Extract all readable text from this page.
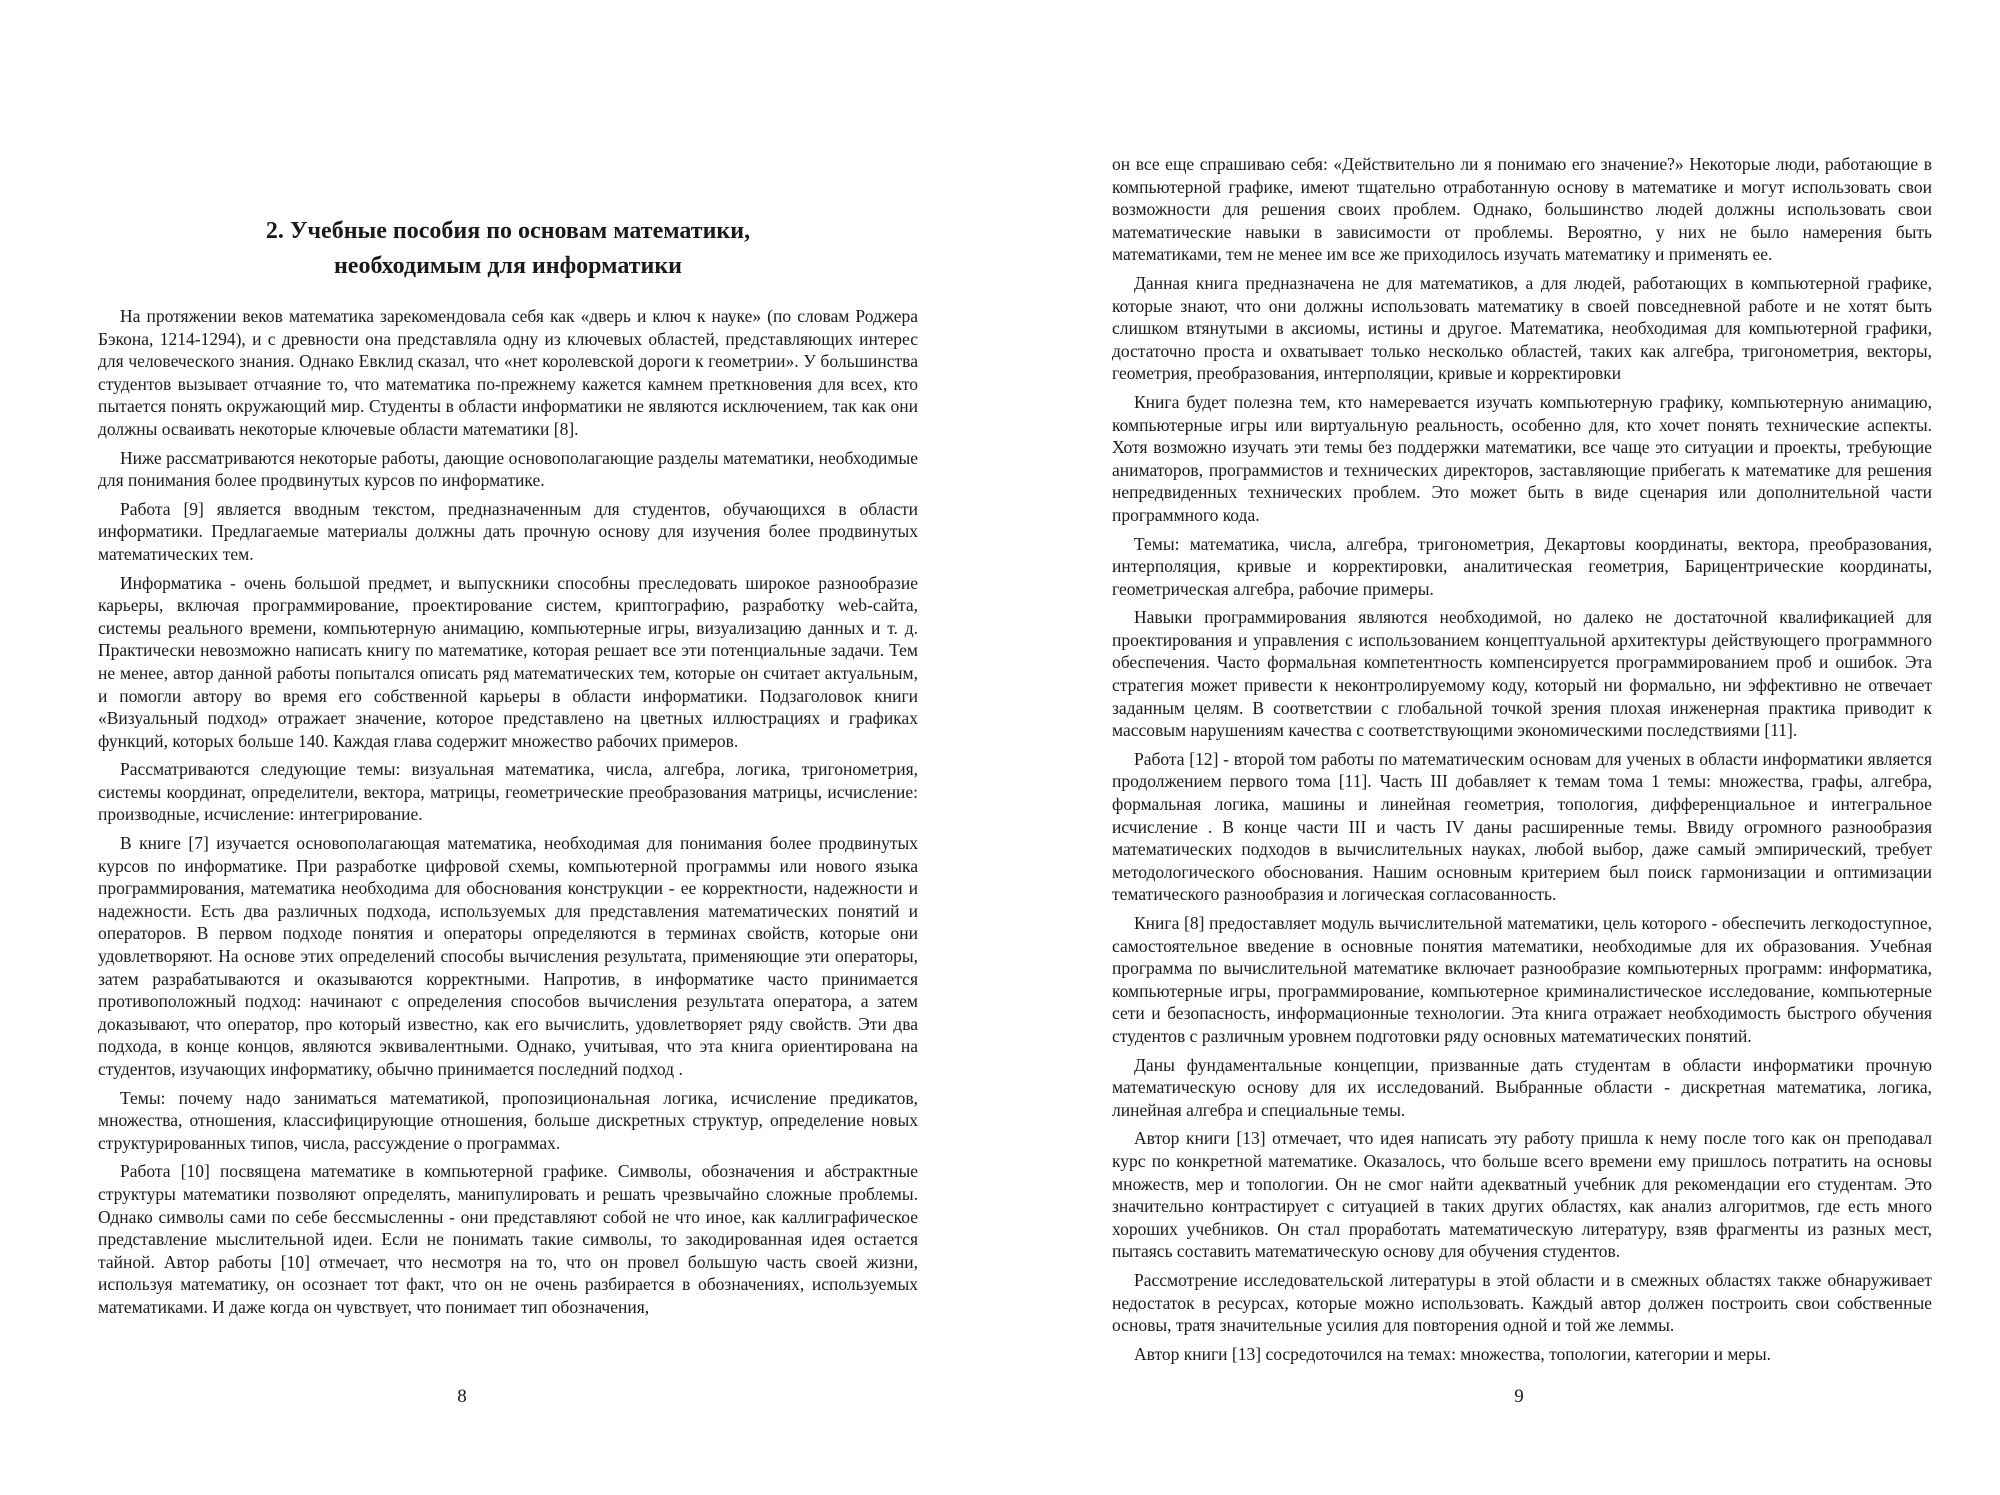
2. Учебные пособия по основам математики,
необходимым для информатики

На протяжении веков математика зарекомендовала себя как «дверь и ключ к науке» (по словам Роджера Бэкона, 1214-1294), и с древности она представляла одну из ключевых областей, представляющих интерес для человеческого знания. Однако Евклид сказал, что «нет королевской дороги к геометрии». У большинства студентов вызывает отчаяние то, что математика по-прежнему кажется камнем преткновения для всех, кто пытается понять окружающий мир. Студенты в области информатики не являются исключением, так как они должны осваивать некоторые ключевые области математики [8].

Ниже рассматриваются некоторые работы, дающие основополагающие разделы математики, необходимые для понимания более продвинутых курсов по информатике.

Работа [9] является вводным текстом, предназначенным для студентов, обучающихся в области информатики. Предлагаемые материалы должны дать прочную основу для изучения более продвинутых математических тем.

Информатика - очень большой предмет, и выпускники способны преследовать широкое разнообразие карьеры, включая программирование, проектирование систем, криптографию, разработку web-сайта, системы реального времени, компьютерную анимацию, компьютерные игры, визуализацию данных и т. д. Практически невозможно написать книгу по математике, которая решает все эти потенциальные задачи. Тем не менее, автор данной работы попытался описать ряд математических тем, которые он считает актуальным, и помогли автору во время его собственной карьеры в области информатики. Подзаголовок книги «Визуальный подход» отражает значение, которое представлено на цветных иллюстрациях и графиках функций, которых больше 140. Каждая глава содержит множество рабочих примеров.

Рассматриваются следующие темы: визуальная математика, числа, алгебра, логика, тригонометрия, системы координат, определители, вектора, матрицы, геометрические преобразования матрицы, исчисление: производные, исчисление: интегрирование.

В книге [7] изучается основополагающая математика, необходимая для понимания более продвинутых курсов по информатике. При разработке цифровой схемы, компьютерной программы или нового языка программирования, математика необходима для обоснования конструкции - ее корректности, надежности и надежности. Есть два различных подхода, используемых для представления математических понятий и операторов. В первом подходе понятия и операторы определяются в терминах свойств, которые они удовлетворяют. На основе этих определений способы вычисления результата, применяющие эти операторы, затем разрабатываются и оказываются корректными. Напротив, в информатике часто принимается противоположный подход: начинают с определения способов вычисления результата оператора, а затем доказывают, что оператор, про который известно, как его вычислить, удовлетворяет ряду свойств. Эти два подхода, в конце концов, являются эквивалентными. Однако, учитывая, что эта книга ориентирована на студентов, изучающих информатику, обычно принимается последний подход .

Темы: почему надо заниматься математикой, пропозициональная логика, исчисление предикатов, множества, отношения, классифицирующие отношения, больше дискретных структур, определение новых структурированных типов, числа, рассуждение о программах.

Работа [10] посвящена математике в компьютерной графике. Символы, обозначения и абстрактные структуры математики позволяют определять, манипулировать и решать чрезвычайно сложные проблемы. Однако символы сами по себе бессмысленны - они представляют собой не что иное, как каллиграфическое представление мыслительной идеи. Если не понимать такие символы, то закодированная идея остается тайной. Автор работы [10] отмечает, что несмотря на то, что он провел большую часть своей жизни, используя математику, он осознает тот факт, что он не очень разбирается в обозначениях, используемых математиками. И даже когда он чувствует, что понимает тип обозначения,

8

он все еще спрашиваю себя: «Действительно ли я понимаю его значение?» Некоторые люди, работающие в компьютерной графике, имеют тщательно отработанную основу в математике и могут использовать свои возможности для решения своих проблем. Однако, большинство людей должны использовать свои математические навыки в зависимости от проблемы. Вероятно, у них не было намерения быть математиками, тем не менее им все же приходилось изучать математику и применять ее.

Данная книга предназначена не для математиков, а для людей, работающих в компьютерной графике, которые знают, что они должны использовать математику в своей повседневной работе и не хотят быть слишком втянутыми в аксиомы, истины и другое. Математика, необходимая для компьютерной графики, достаточно проста и охватывает только несколько областей, таких как алгебра, тригонометрия, векторы, геометрия, преобразования, интерполяции, кривые и корректировки

Книга будет полезна тем, кто намеревается изучать компьютерную графику, компьютерную анимацию, компьютерные игры или виртуальную реальность, особенно для, кто хочет понять технические аспекты. Хотя возможно изучать эти темы без поддержки математики, все чаще это ситуации и проекты, требующие аниматоров, программистов и технических директоров, заставляющие прибегать к математике для решения непредвиденных технических проблем. Это может быть в виде сценария или дополнительной части программного кода.

Темы: математика, числа, алгебра, тригонометрия, Декартовы координаты, вектора, преобразования, интерполяция, кривые и корректировки, аналитическая геометрия, Барицентрические координаты, геометрическая алгебра, рабочие примеры.

Навыки программирования являются необходимой, но далеко не достаточной квалификацией для проектирования и управления с использованием концептуальной архитектуры действующего программного обеспечения. Часто формальная компетентность компенсируется программированием проб и ошибок. Эта стратегия может привести к неконтролируемому коду, который ни формально, ни эффективно не отвечает заданным целям. В соответствии с глобальной точкой зрения плохая инженерная практика приводит к массовым нарушениям качества с соответствующими экономическими последствиями [11].

Работа [12] - второй том работы по математическим основам для ученых в области информатики является продолжением первого тома [11]. Часть III добавляет к темам тома 1 темы: множества, графы, алгебра, формальная логика, машины и линейная геометрия, топология, дифференциальное и интегральное исчисление . В конце части III и часть IV даны расширенные темы. Ввиду огромного разнообразия математических подходов в вычислительных науках, любой выбор, даже самый эмпирический, требует методологического обоснования. Нашим основным критерием был поиск гармонизации и оптимизации тематического разнообразия и логическая согласованность.

Книга [8] предоставляет модуль вычислительной математики, цель которого - обеспечить легкодоступное, самостоятельное введение в основные понятия математики, необходимые для их образования. Учебная программа по вычислительной математике включает разнообразие компьютерных программ: информатика, компьютерные игры, программирование, компьютерное криминалистическое исследование, компьютерные сети и безопасность, информационные технологии. Эта книга отражает необходимость быстрого обучения студентов с различным уровнем подготовки ряду основных математических понятий.

Даны фундаментальные концепции, призванные дать студентам в области информатики прочную математическую основу для их исследований. Выбранные области - дискретная математика, логика, линейная алгебра и специальные темы.

Автор книги [13] отмечает, что идея написать эту работу пришла к нему после того как он преподавал курс по конкретной математике. Оказалось, что больше всего времени ему пришлось потратить на основы множеств, мер и топологии. Он не смог найти адекватный учебник для рекомендации его студентам. Это значительно контрастирует с ситуацией в таких других областях, как анализ алгоритмов, где есть много хороших учебников. Он стал проработать математическую литературу, взяв фрагменты из разных мест, пытаясь составить математическую основу для обучения студентов.

Рассмотрение исследовательской литературы в этой области и в смежных областях также обнаруживает недостаток в ресурсах, которые можно использовать. Каждый автор должен построить свои собственные основы, тратя значительные усилия для повторения одной и той же леммы.

Автор книги [13] сосредоточился на темах: множества, топологии, категории и меры.

9
